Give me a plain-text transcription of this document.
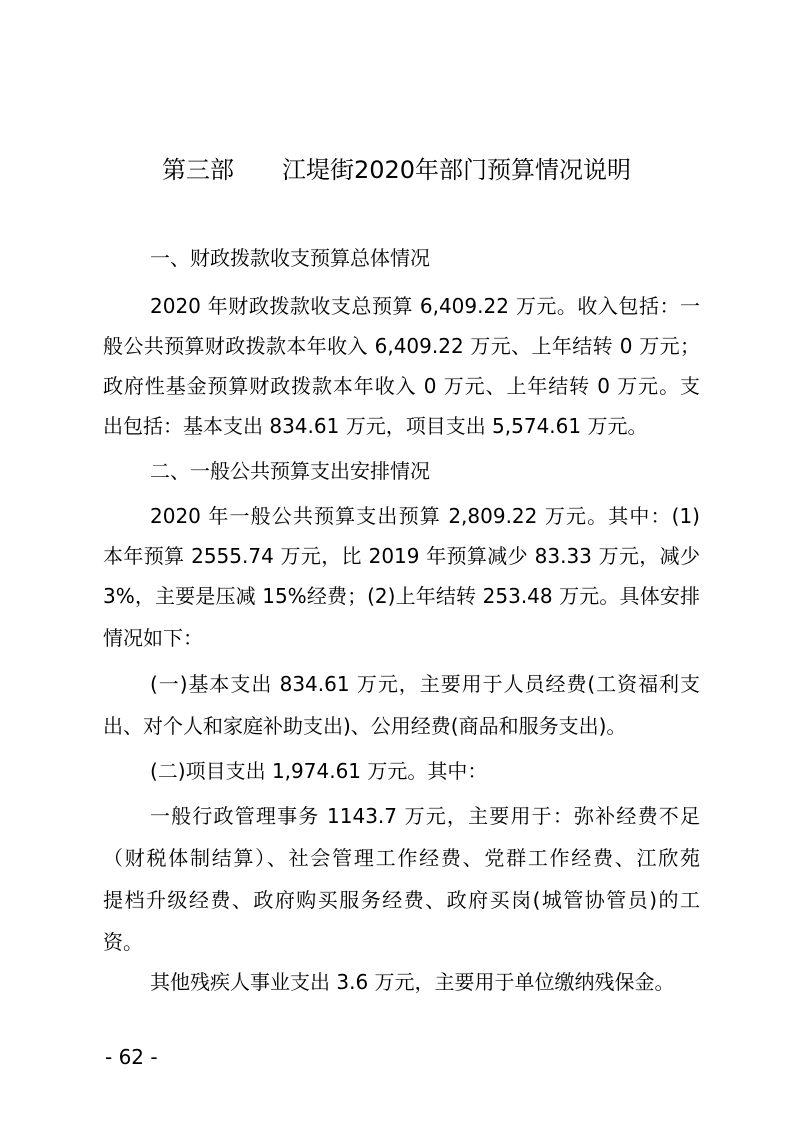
第三部　　江堤街2020年部门预算情况说明
一、财政拨款收支预算总体情况
2020 年财政拨款收支总预算 6,409.22 万元。收入包括：一
般公共预算财政拨款本年收入 6,409.22 万元、上年结转 0 万元；
政府性基金预算财政拨款本年收入 0 万元、上年结转 0 万元。支
出包括：基本支出 834.61 万元，项目支出 5,574.61 万元。
二、一般公共预算支出安排情况
2020 年一般公共预算支出预算 2,809.22 万元。其中：(1)
本年预算 2555.74 万元，比 2019 年预算减少 83.33 万元，减少
3%，主要是压减 15%经费；(2)上年结转 253.48 万元。具体安排
情况如下：
(一)基本支出 834.61 万元，主要用于人员经费(工资福利支
出、对个人和家庭补助支出)、公用经费(商品和服务支出)。
(二)项目支出 1,974.61 万元。其中：
一般行政管理事务 1143.7 万元，主要用于：弥补经费不足
（财税体制结算）、社会管理工作经费、党群工作经费、江欣苑
提档升级经费、政府购买服务经费、政府买岗(城管协管员)的工
资。
其他残疾人事业支出 3.6 万元，主要用于单位缴纳残保金。
- 62 -
